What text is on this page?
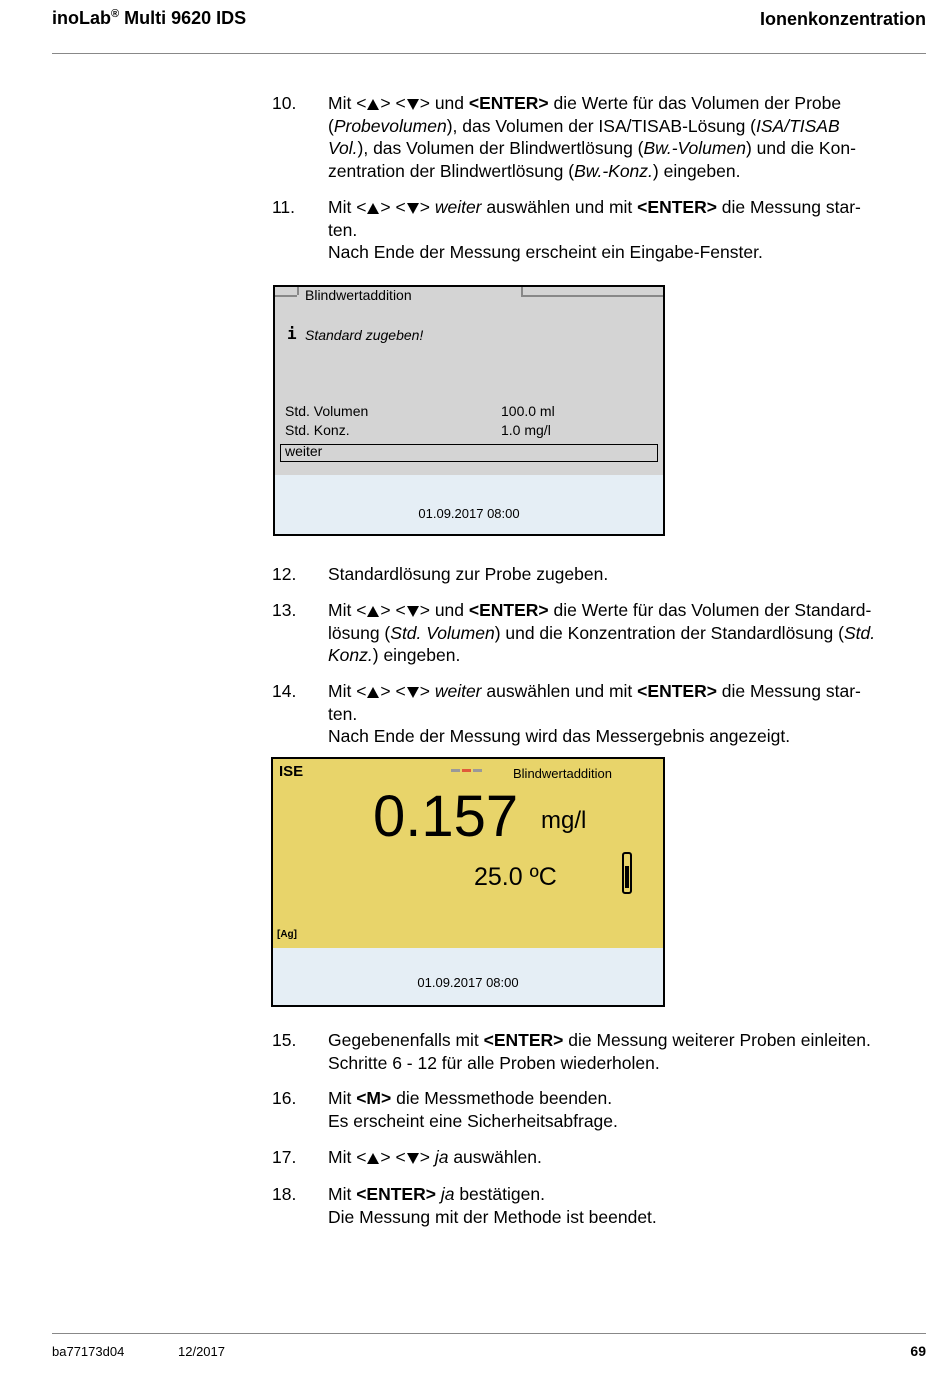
inoLab® Multi 9620 IDS	Ionenkonzentration
10. Mit < > < > und <ENTER> die Werte für das Volumen der Probe
(Probevolumen), das Volumen der ISA/TISAB-Lösung (ISA/TISAB
Vol.), das Volumen der Blindwertlösung (Bw.-Volumen) und die Kon-
zentration der Blindwertlösung (Bw.-Konz.) eingeben.
11. Mit < > < > weiter auswählen und mit <ENTER> die Messung star-
ten.
Nach Ende der Messung erscheint ein Eingabe-Fenster.
Blindwertaddition
i Standard zugeben!
Std. Volumen	100.0 ml
Std. Konz.	1.0 mg/l
weiter
01.09.2017 08:00
12. Standardlösung zur Probe zugeben.
13. Mit < > < > und <ENTER> die Werte für das Volumen der Standard-
lösung (Std. Volumen) und die Konzentration der Standardlösung (Std.
Konz.) eingeben.
14. Mit < > < > weiter auswählen und mit <ENTER> die Messung star-
ten.
Nach Ende der Messung wird das Messergebnis angezeigt.
ISE	Blindwertaddition
0.157 mg/l
25.0 ºC
[Ag]
01.09.2017 08:00
15. Gegebenenfalls mit <ENTER> die Messung weiterer Proben einleiten.
Schritte 6 - 12 für alle Proben wiederholen.
16. Mit <M> die Messmethode beenden.
Es erscheint eine Sicherheitsabfrage.
17. Mit < > < > ja auswählen.
18. Mit <ENTER> ja bestätigen.
Die Messung mit der Methode ist beendet.
ba77173d04	12/2017	69
